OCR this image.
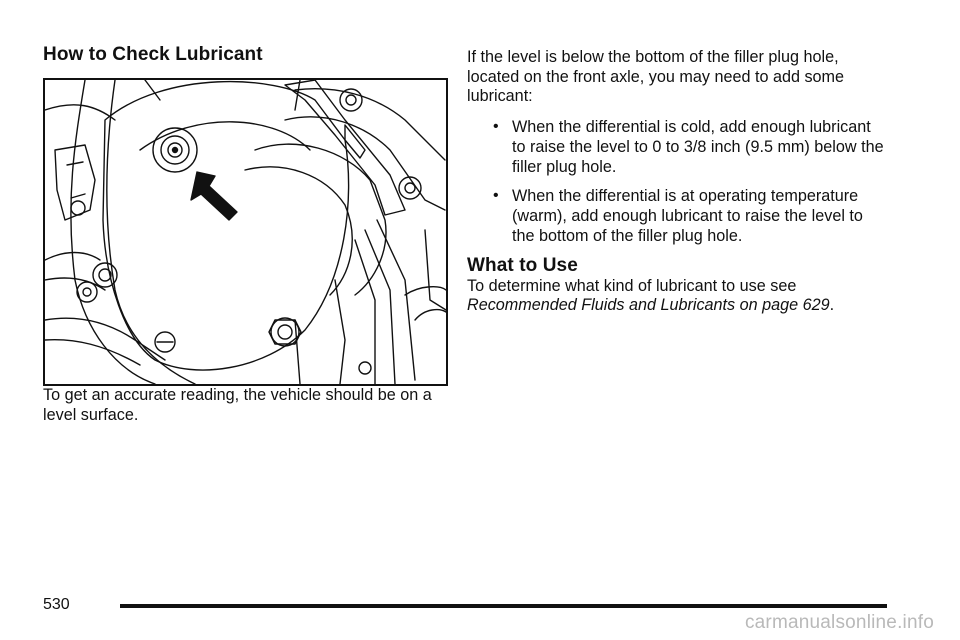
How to Check Lubricant

To get an accurate reading, the vehicle should be on a level surface.

If the level is below the bottom of the filler plug hole, located on the front axle, you may need to add some lubricant:

• When the differential is cold, add enough lubricant to raise the level to 0 to 3/8 inch (9.5 mm) below the filler plug hole.
• When the differential is at operating temperature (warm), add enough lubricant to raise the level to the bottom of the filler plug hole.
What to Use

To determine what kind of lubricant to use see Recommended Fluids and Lubricants on page 629.

530
carmanualsonline.info
